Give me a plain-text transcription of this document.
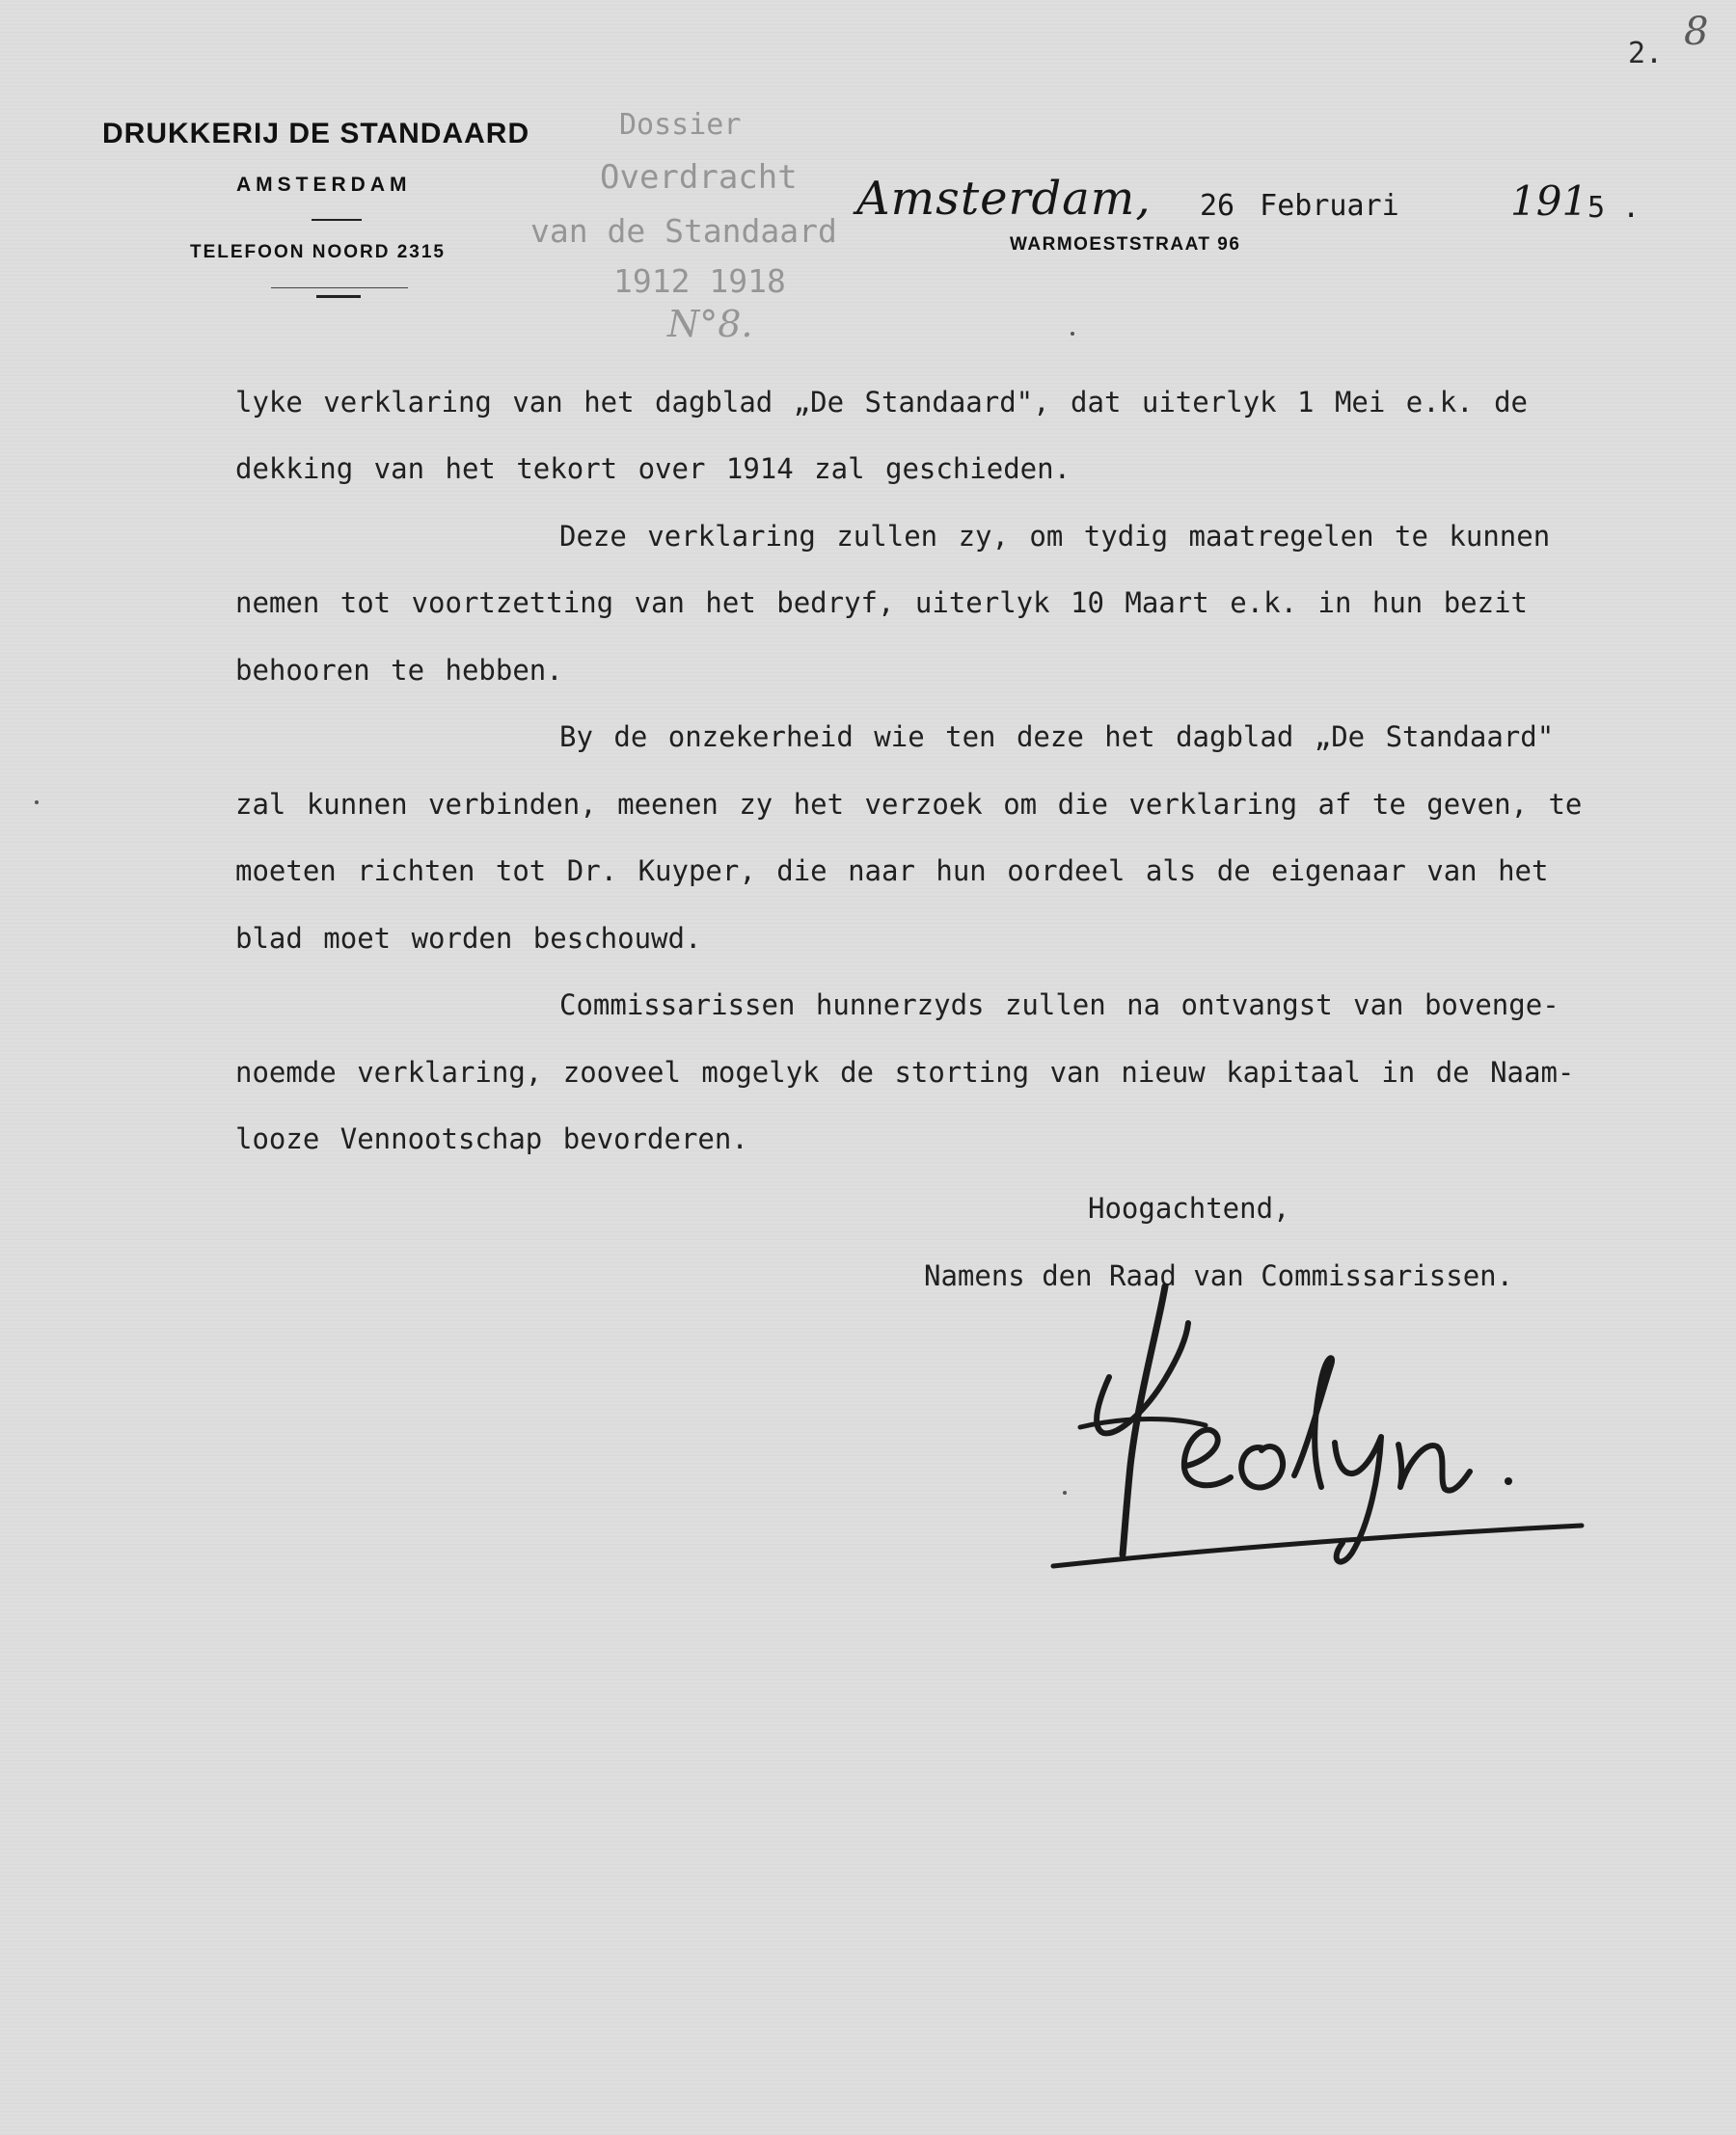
2. 8
DRUKKERIJ DE STANDAARD
AMSTERDAM
TELEFOON NOORD 2315
Dossier
Overdracht
van de Standaard
1912 1918
N°8.
Amsterdam, 26 Februari	191 5 .
WARMOESTSTRAAT 96
lyke verklaring van het dagblad „De Standaard", dat uiterlyk 1 Mei e.k. de
dekking van het tekort over 1914 zal geschieden.
Deze verklaring zullen zy, om tydig maatregelen te kunnen
nemen tot voortzetting van het bedryf, uiterlyk 10 Maart e.k. in hun bezit
behooren te hebben.
By de onzekerheid wie ten deze het dagblad „De Standaard"
zal kunnen verbinden, meenen zy het verzoek om die verklaring af te geven, te
moeten richten tot Dr. Kuyper, die naar hun oordeel als de eigenaar van het
blad moet worden beschouwd.
Commissarissen hunnerzyds zullen na ontvangst van bovenge-
noemde verklaring, zooveel mogelyk de storting van nieuw kapitaal in de Naam-
looze Vennootschap bevorderen.
Hoogachtend,
Namens den Raad van Commissarissen.
